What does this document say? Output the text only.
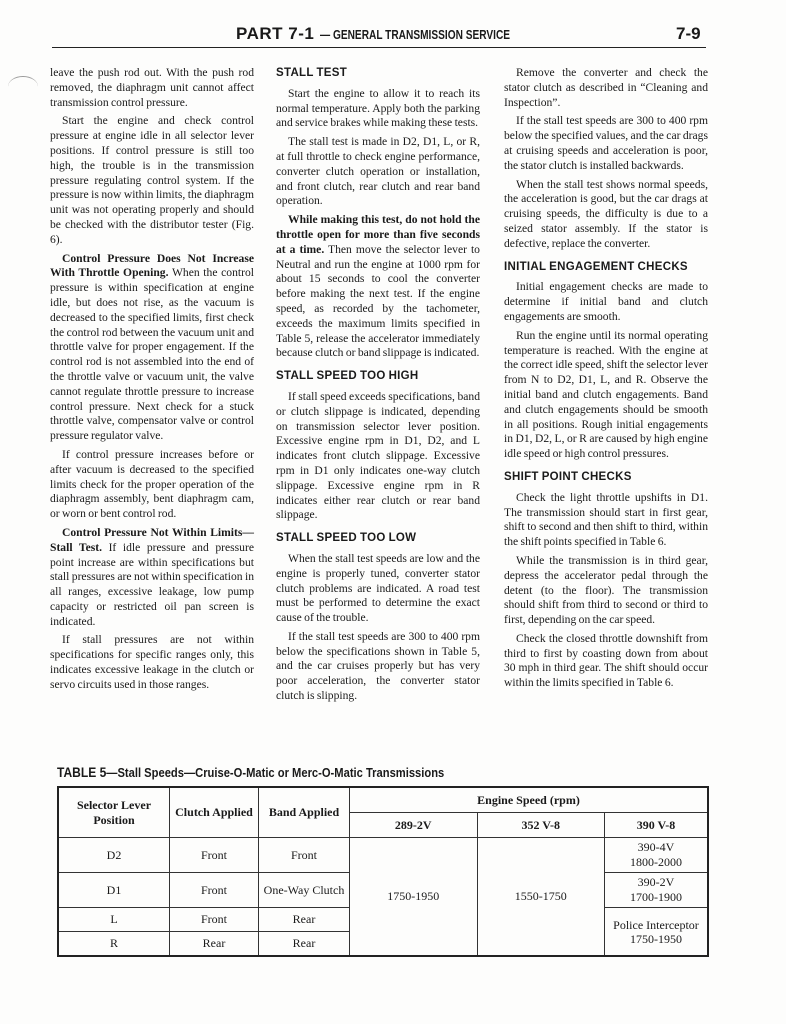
PART 7-1 — GENERAL TRANSMISSION SERVICE	7-9

leave the push rod out. With the push rod removed, the diaphragm unit cannot affect transmission control pressure.

Start the engine and check control pressure at engine idle in all selector lever positions. If control pressure is still too high, the trouble is in the transmission pressure regulating control system. If the pressure is now within limits, the diaphragm unit was not operating properly and should be checked with the distributor tester (Fig. 6).

Control Pressure Does Not Increase With Throttle Opening. When the control pressure is within specification at engine idle, but does not rise, as the vacuum is decreased to the specified limits, first check the control rod between the vacuum unit and throttle valve for proper engagement. If the control rod is not assembled into the end of the throttle valve or vacuum unit, the valve cannot regulate throttle pressure to increase control pressure. Next check for a stuck throttle valve, compensator valve or control pressure regulator valve.

If control pressure increases before or after vacuum is decreased to the specified limits check for the proper operation of the diaphragm assembly, bent diaphragm cam, or worn or bent control rod.

Control Pressure Not Within Limits—Stall Test. If idle pressure and pressure point increase are within specifications but stall pressures are not within specification in all ranges, excessive leakage, low pump capacity or restricted oil pan screen is indicated.

If stall pressures are not within specifications for specific ranges only, this indicates excessive leakage in the clutch or servo circuits used in those ranges.

STALL TEST

Start the engine to allow it to reach its normal temperature. Apply both the parking and service brakes while making these tests.

The stall test is made in D2, D1, L, or R, at full throttle to check engine performance, converter clutch operation or installation, and front clutch, rear clutch and rear band operation.

While making this test, do not hold the throttle open for more than five seconds at a time. Then move the selector lever to Neutral and run the engine at 1000 rpm for about 15 seconds to cool the converter before making the next test. If the engine speed, as recorded by the tachometer, exceeds the maximum limits specified in Table 5, release the accelerator immediately because clutch or band slippage is indicated.

STALL SPEED TOO HIGH

If stall speed exceeds specifications, band or clutch slippage is indicated, depending on transmission selector lever position. Excessive engine rpm in D1, D2, and L indicates front clutch slippage. Excessive rpm in D1 only indicates one-way clutch slippage. Excessive engine rpm in R indicates either rear clutch or rear band slippage.

STALL SPEED TOO LOW

When the stall test speeds are low and the engine is properly tuned, converter stator clutch problems are indicated. A road test must be performed to determine the exact cause of the trouble.

If the stall test speeds are 300 to 400 rpm below the specifications shown in Table 5, and the car cruises properly but has very poor acceleration, the converter stator clutch is slipping.

Remove the converter and check the stator clutch as described in “Cleaning and Inspection”.

If the stall test speeds are 300 to 400 rpm below the specified values, and the car drags at cruising speeds and acceleration is poor, the stator clutch is installed backwards.

When the stall test shows normal speeds, the acceleration is good, but the car drags at cruising speeds, the difficulty is due to a seized stator assembly. If the stator is defective, replace the converter.

INITIAL ENGAGEMENT CHECKS

Initial engagement checks are made to determine if initial band and clutch engagements are smooth.

Run the engine until its normal operating temperature is reached. With the engine at the correct idle speed, shift the selector lever from N to D2, D1, L, and R. Observe the initial band and clutch engagements. Band and clutch engagements should be smooth in all positions. Rough initial engagements in D1, D2, L, or R are caused by high engine idle speed or high control pressures.

SHIFT POINT CHECKS

Check the light throttle upshifts in D1. The transmission should start in first gear, shift to second and then shift to third, within the shift points specified in Table 6.

While the transmission is in third gear, depress the accelerator pedal through the detent (to the floor). The transmission should shift from third to second or third to first, depending on the car speed.

Check the closed throttle downshift from third to first by coasting down from about 30 mph in third gear. The shift should occur within the limits specified in Table 6.

TABLE 5—Stall Speeds—Cruise-O-Matic or Merc-O-Matic Transmissions
Selector Lever Position	Clutch Applied	Band Applied	Engine Speed (rpm)		
			289-2V	352 V-8	390 V-8
D2	Front	Front	1750-1950	1550-1750	390-4V
1800-2000
D1	Front	One-Way Clutch			390-2V
1700-1900
L	Front	Rear			Police Interceptor
1750-1950
R	Rear	Rear			
